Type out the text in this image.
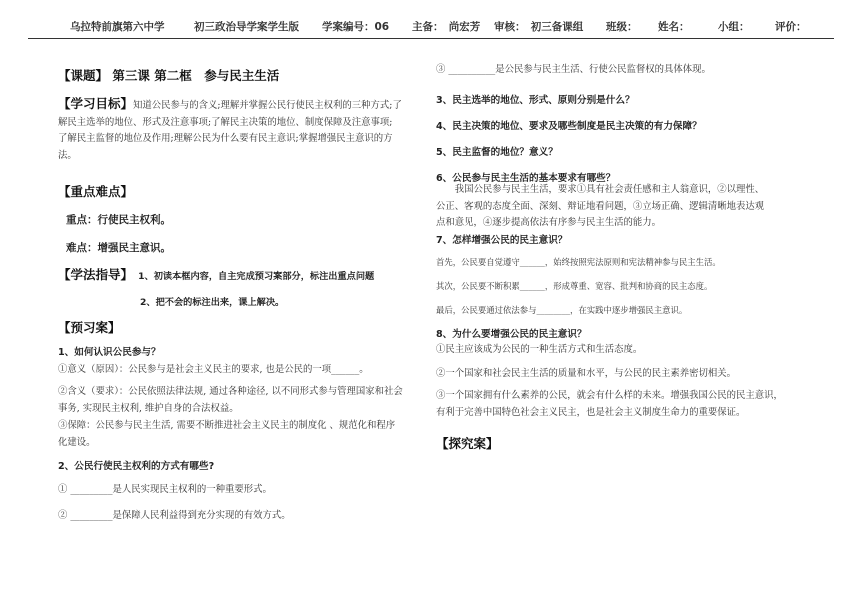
乌拉特前旗第六中学	初三政治导学案学生版 学案编号：06 主备：　尚宏芳 审核：　初三备课组 班级： 姓名：	小组： 评价：
【课题】 第三课 第二框　参与民主生活
【学习目标】知道公民参与的含义;理解并掌握公民行使民主权利的三种方式;了
解民主选举的地位、形式及注意事项;了解民主决策的地位、制度保障及注意事项;
了解民主监督的地位及作用;理解公民为什么要有民主意识;掌握增强民主意识的方
法。
【重点难点】
重点：行使民主权利。
难点：增强民主意识。
【学法指导】 1、初读本框内容，自主完成预习案部分，标注出重点问题
2、把不会的标注出来，课上解决。
【预习案】
1、如何认识公民参与？
①意义（原因）：公民参与是社会主义民主的要求, 也是公民的一项______。
②含义（要求）：公民依照法律法规, 通过各种途径, 以不同形式参与管理国家和社会
事务, 实现民主权利, 维护自身的合法权益。
③保障：公民参与民主生活, 需要不断推进社会主义民主的制度化 、规范化和程序
化建设。
2、公民行使民主权利的方式有哪些?
① _________是人民实现民主权利的一种重要形式。
② _________是保障人民利益得到充分实现的有效方式。
③ __________是公民参与民主生活、行使公民监督权的具体体现。
3、民主选举的地位、形式、原则分别是什么？
4、民主决策的地位、要求及哪些制度是民主决策的有力保障？
5、民主监督的地位？意义？
6、公民参与民主生活的基本要求有哪些？
　　我国公民参与民主生活，要求①具有社会责任感和主人翁意识，②以理性、
公正、客观的态度全面、深刻、辩证地看问题，③立场正确、逻辑清晰地表达观
点和意见，④逐步提高依法有序参与民主生活的能力。
7、怎样增强公民的民主意识？
首先，公民要自觉遵守______，始终按照宪法原则和宪法精神参与民主生活。
其次，公民要不断积累______，形成尊重、宽容、批判和协商的民主态度。
最后，公民要通过依法参与________，在实践中逐步增强民主意识。
8、为什么要增强公民的民主意识？
①民主应该成为公民的一种生活方式和生活态度。
②一个国家和社会民主生活的质量和水平，与公民的民主素养密切相关。
③一个国家拥有什么素养的公民，就会有什么样的未来。增强我国公民的民主意识，
有利于完善中国特色社会主义民主，也是社会主义制度生命力的重要保证。
【探究案】
